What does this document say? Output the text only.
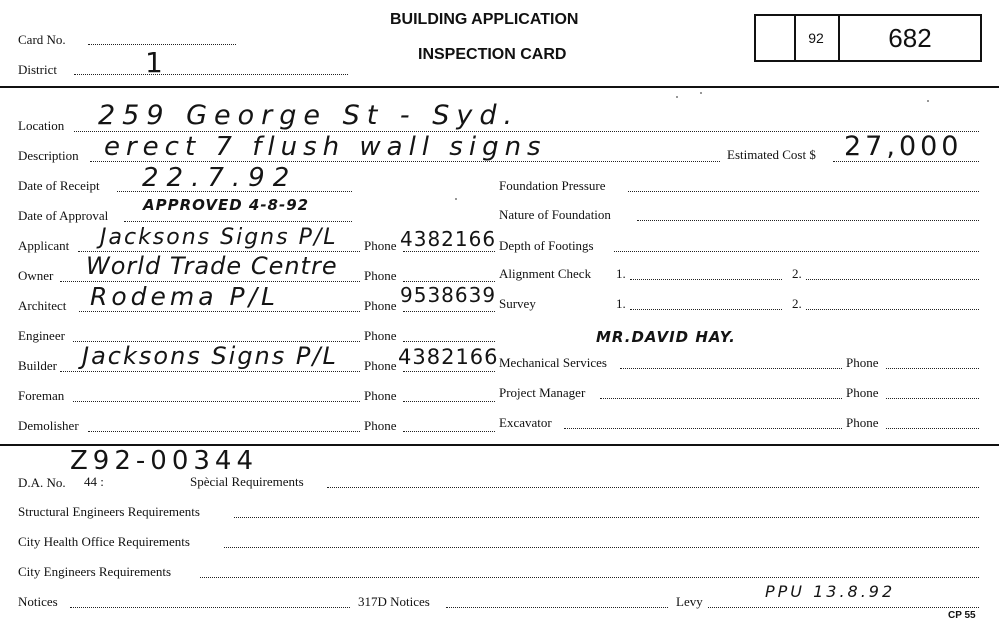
Card No.
District	1
BUILDING APPLICATION
INSPECTION CARD
92	682
Location 259 George St - Syd.
Description erect 7 flush wall signs	Estimated Cost $ 27,000
Date of Receipt 22.7.92
Date of Approval
APPROVED 4-8-92
Applicant Jacksons Signs P/L Phone 4382166
Owner World Trade Centre Phone
Architect Rodema P/L	Phone 9538639
Engineer	Phone
Builder Jacksons Signs P/L Phone 4382166
Foreman	Phone
Demolisher	Phone
Foundation Pressure
Nature of Foundation
Depth of Footings
Alignment Check 1.	2.
Survey	1.	2.
MR.DAVID HAY.
Mechanical Services	Phone
Project Manager	Phone
Excavator	Phone
Z92-00344
D.A. No. 44 :	Spècial Requirements
Structural Engineers Requirements
City Health Office Requirements
City Engineers Requirements
Notices	317D Notices	Levy
PPU 13.8.92
CP 55
